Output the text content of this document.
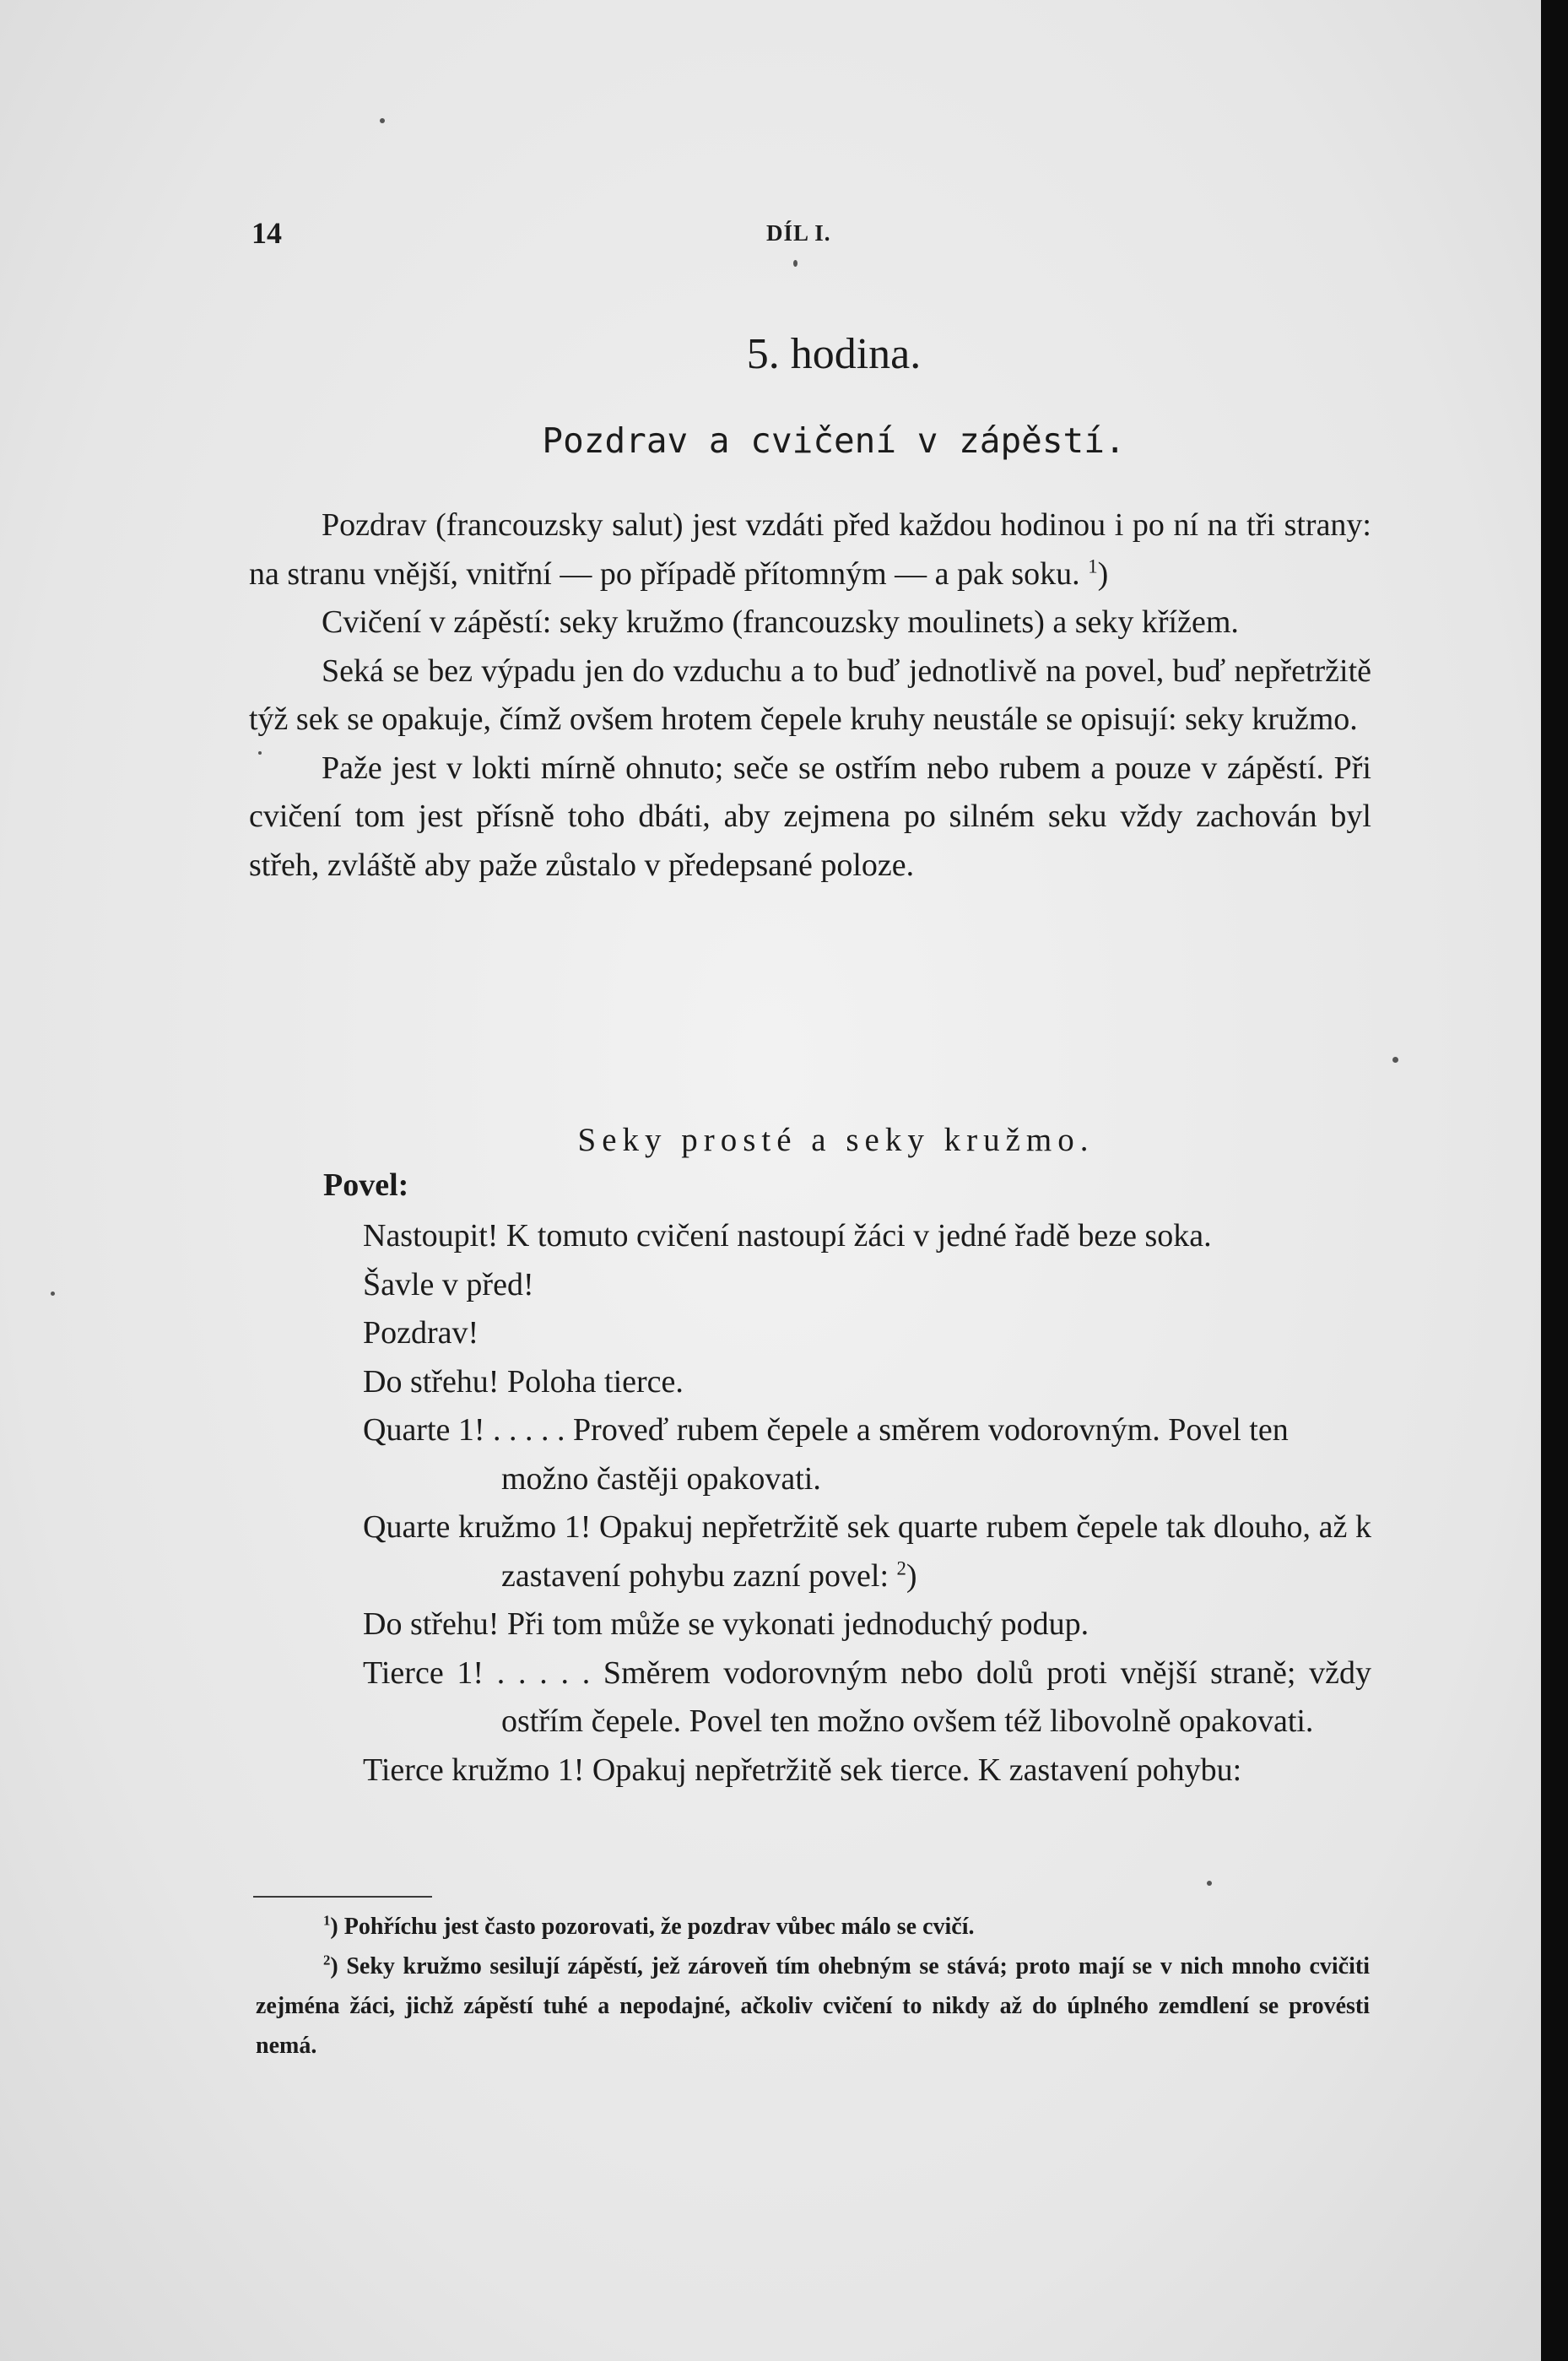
14	DÍL I.
5. hodina.
Pozdrav a cvičení v zápěstí.

Pozdrav (francouzsky salut) jest vzdáti před každou hodinou i po ní na tři strany: na stranu vnější, vnitřní — po případě přítomným — a pak soku. $^1$)

Cvičení v zápěstí: seky kružmo (francouzsky moulinets) a seky křížem.

Seká se bez výpadu jen do vzduchu a to buď jednotlivě na povel, buď nepřetržitě týž sek se opakuje, čímž ovšem hrotem čepele kruhy neustále se opisují: seky kružmo.

Paže jest v lokti mírně ohnuto; seče se ostřím nebo rubem a pouze v zápěstí. Při cvičení tom jest přísně toho dbáti, aby zejmena po silném seku vždy zachován byl střeh, zvláště aby paže zůstalo v předepsané poloze.

Seky prosté a seky kružmo.
Povel:

Nastoupit! K tomuto cvičení nastoupí žáci v jedné řadě beze soka.

Šavle v před!

Pozdrav!

Do střehu! Poloha tierce.

Quarte 1! . . . . . Proveď rubem čepele a směrem vodorovným. Povel ten možno častěji opakovati.

Quarte kružmo 1! Opakuj nepřetržitě sek quarte rubem čepele tak dlouho, až k zastavení pohybu zazní povel: $^2$)

Do střehu! Při tom může se vykonati jednoduchý podup.

Tierce 1! . . . . . Směrem vodorovným nebo dolů proti vnější straně; vždy ostřím čepele. Povel ten možno ovšem též libovolně opakovati.

Tierce kružmo 1! Opakuj nepřetržitě sek tierce. K zastavení pohybu:

$^1$) Pohříchu jest často pozorovati, že pozdrav vůbec málo se cvičí.

$^2$) Seky kružmo sesilují zápěstí, jež zároveň tím ohebným se stává; proto mají se v nich mnoho cvičiti zejména žáci, jichž zápěstí tuhé a nepodajné, ačkoliv cvičení to nikdy až do úplného zemdlení se provésti nemá.
